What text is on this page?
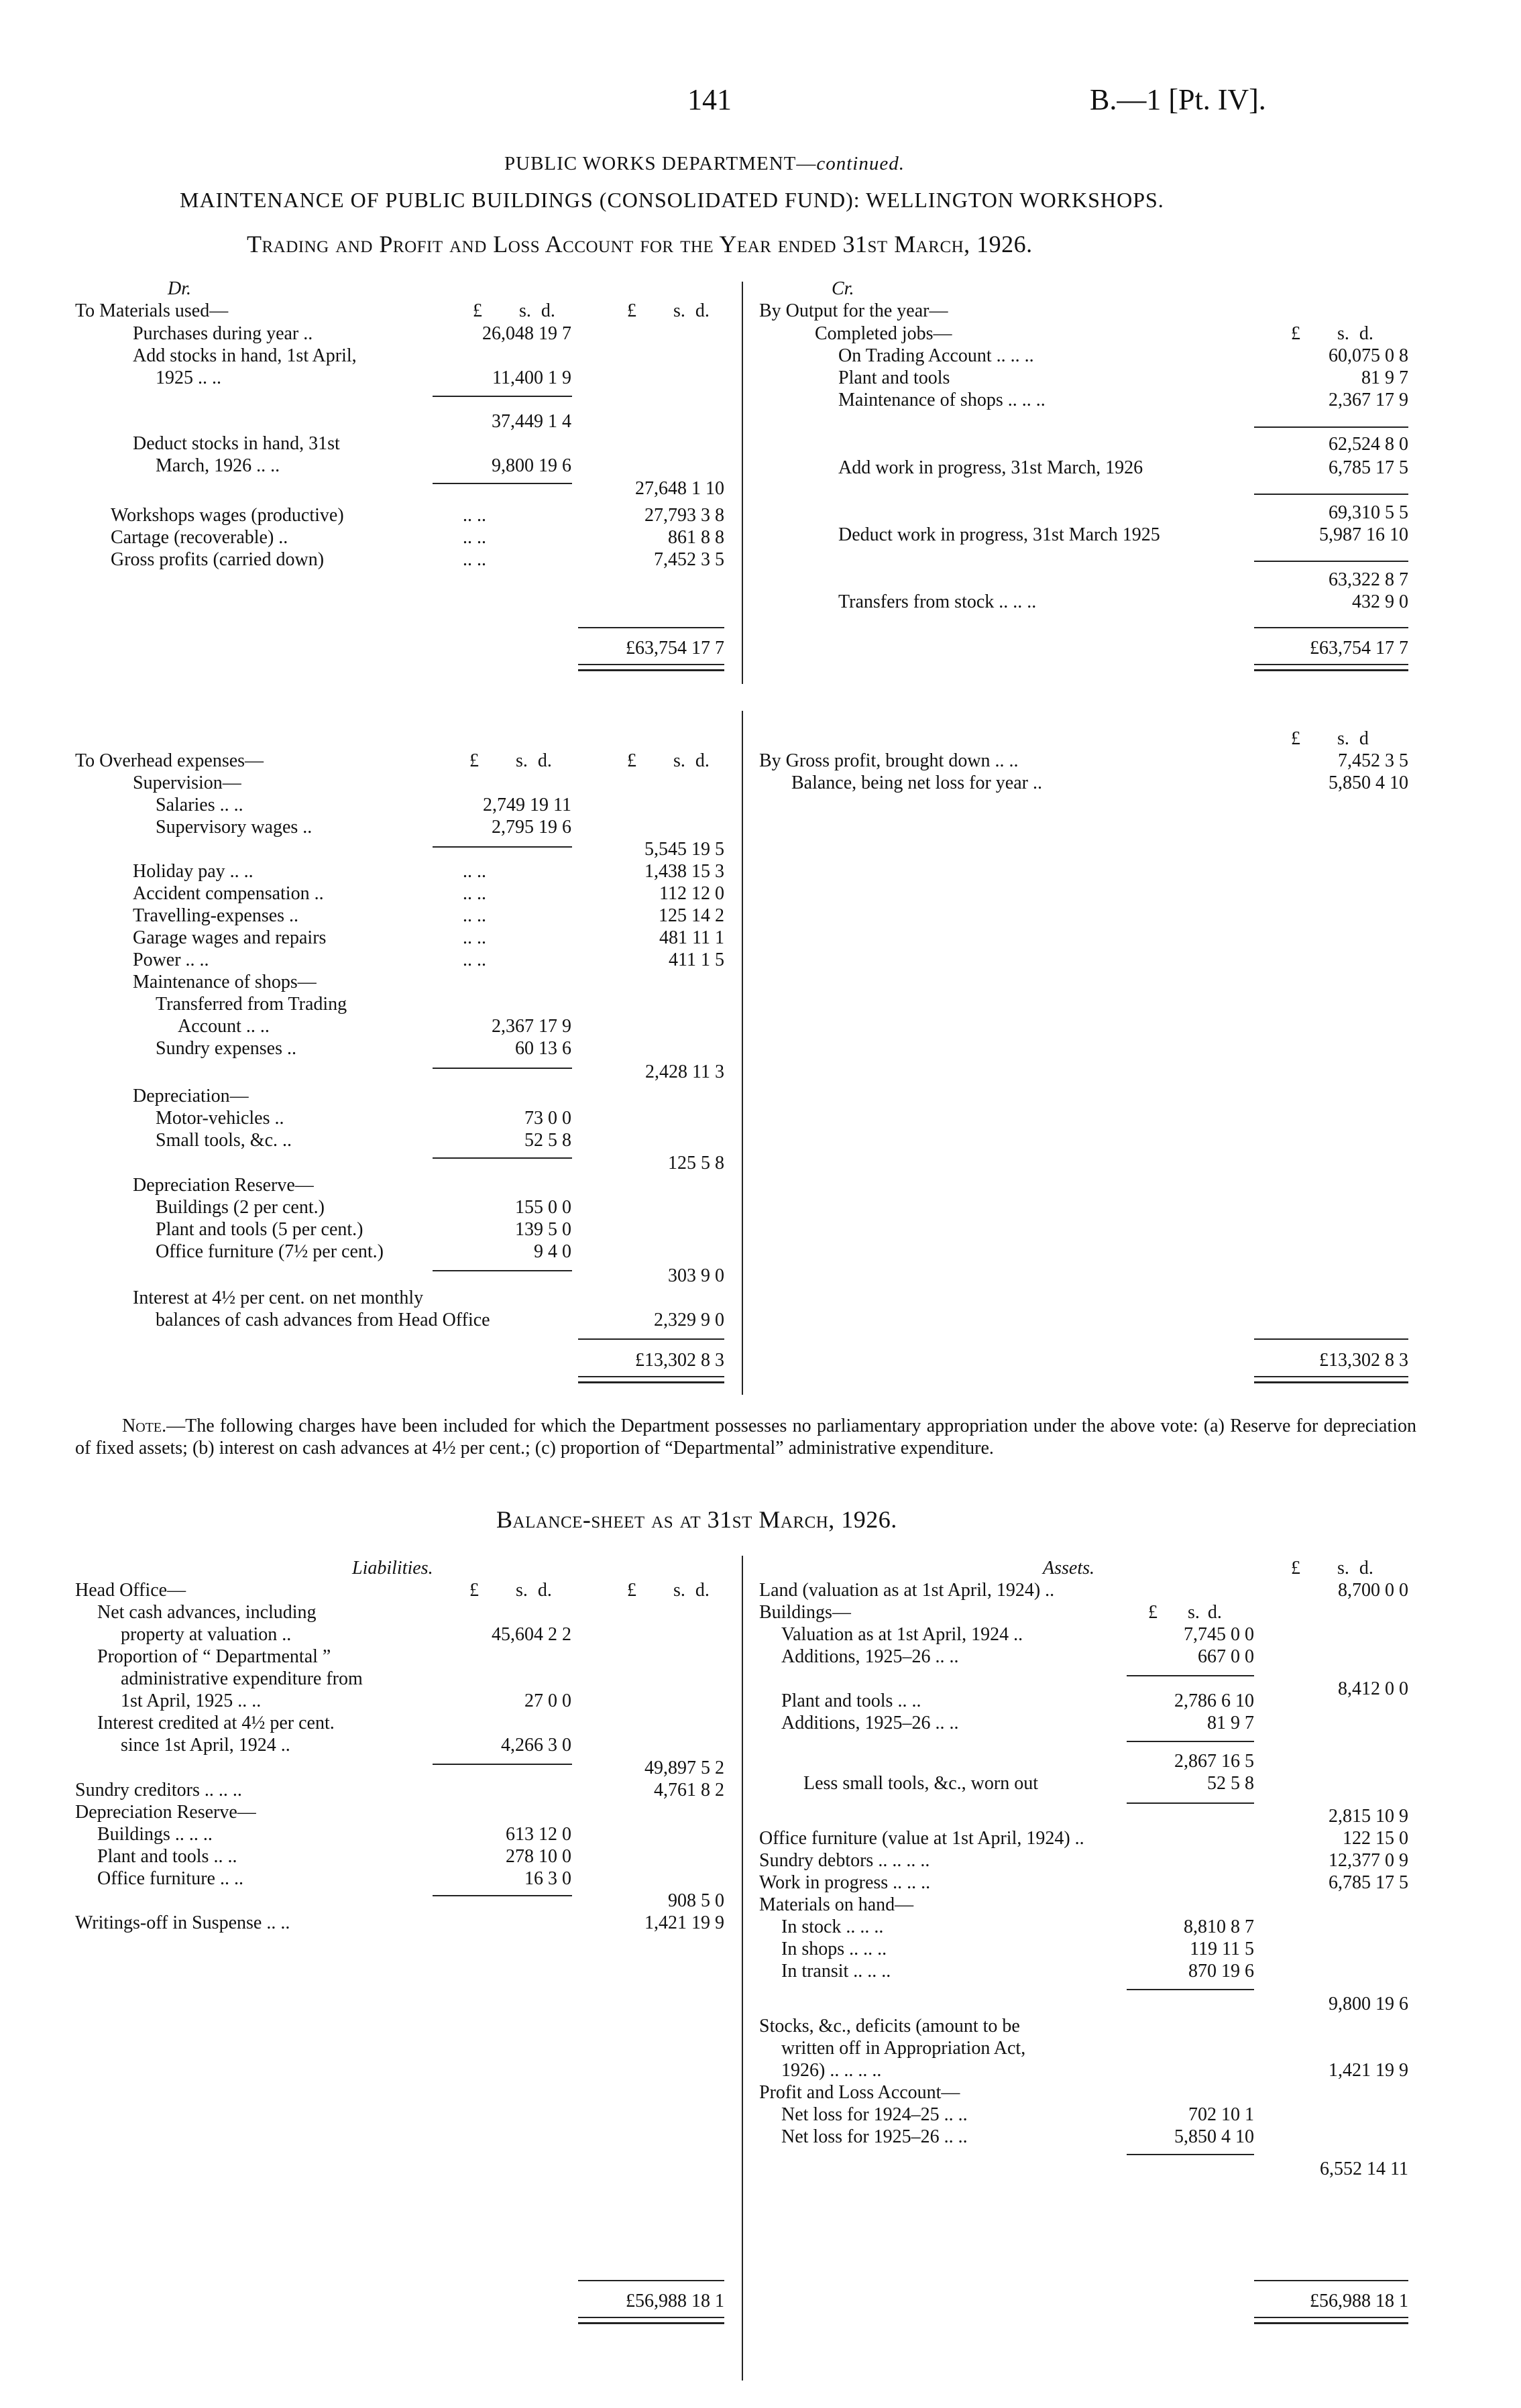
141	B.—1 [Pt. IV].
PUBLIC WORKS DEPARTMENT—continued.
MAINTENANCE OF PUBLIC BUILDINGS (CONSOLIDATED FUND): WELLINGTON WORKSHOPS.
Trading and Profit and Loss Account for the Year ended 31st March, 1926.
Dr.	Cr.
£ s. d.	£ s. d.
To Materials used—
Purchases during year ..	26,048 19 7
Add stocks in hand, 1st April,
1925 .. ..	11,400 1 9
37,449 1 4
Deduct stocks in hand, 31st
March, 1926 .. ..	9,800 19 6
27,648 1 10
Workshops wages (productive)	.. ..	27,793 3 8
Cartage (recoverable) ..	.. ..	861 8 8
Gross profits (carried down)	.. ..	7,452 3 5
£63,754 17 7
By Output for the year—
Completed jobs—	£ s. d.
On Trading Account .. .. ..	60,075 0 8
Plant and tools	81 9 7
Maintenance of shops .. .. ..	2,367 17 9
62,524 8 0
Add work in progress, 31st March, 1926	6,785 17 5
69,310 5 5
Deduct work in progress, 31st March 1925	5,987 16 10
63,322 8 7
Transfers from stock .. .. ..	432 9 0
£63,754 17 7
To Overhead expenses—	£ s. d.	£ s. d.
Supervision—
Salaries .. ..	2,749 19 11
Supervisory wages ..	2,795 19 6
5,545 19 5
Holiday pay .. ..	.. ..	1,438 15 3
Accident compensation ..	.. ..	112 12 0
Travelling-expenses ..	.. ..	125 14 2
Garage wages and repairs	.. ..	481 11 1
Power .. ..	.. ..	411 1 5
Maintenance of shops—
Transferred from Trading
Account .. ..	2,367 17 9
Sundry expenses ..	60 13 6
2,428 11 3
Depreciation—
Motor-vehicles ..	73 0 0
Small tools, &c. ..	52 5 8
125 5 8
Depreciation Reserve—
Buildings (2 per cent.)	155 0 0
Plant and tools (5 per cent.)	139 5 0
Office furniture (7½ per cent.)	9 4 0
303 9 0
Interest at 4½ per cent. on net monthly
balances of cash advances from Head Office	2,329 9 0
£13,302 8 3
£ s. d
By Gross profit, brought down .. ..	7,452 3 5
Balance, being net loss for year ..	5,850 4 10
£13,302 8 3
Note.—The following charges have been included for which the Department possesses no parliamentary appropriation under the above vote: (a) Reserve for depreciation of fixed assets; (b) interest on cash advances at 4½ per cent.; (c) proportion of “Departmental” administrative expenditure.
Balance-sheet as at 31st March, 1926.
Liabilities.	Assets.
£ s. d.	£ s. d.
Head Office—
Net cash advances, including
property at valuation ..	45,604 2 2
Proportion of “ Departmental ”
administrative expenditure from
1st April, 1925 .. ..	27 0 0
Interest credited at 4½ per cent.
since 1st April, 1924 ..	4,266 3 0
49,897 5 2
Sundry creditors .. .. ..	4,761 8 2
Depreciation Reserve—
Buildings .. .. ..	613 12 0
Plant and tools .. ..	278 10 0
Office furniture .. ..	16 3 0
908 5 0
Writings-off in Suspense .. ..	1,421 19 9
£56,988 18 1
£ s. d.
Land (valuation as at 1st April, 1924) ..	8,700 0 0
Buildings—	£ s. d.
Valuation as at 1st April, 1924 ..	7,745 0 0
Additions, 1925–26 .. ..	667 0 0
8,412 0 0
Plant and tools .. ..	2,786 6 10
Additions, 1925–26 .. ..	81 9 7
2,867 16 5
Less small tools, &c., worn out	52 5 8
2,815 10 9
Office furniture (value at 1st April, 1924) ..	122 15 0
Sundry debtors .. .. .. ..	12,377 0 9
Work in progress .. .. ..	6,785 17 5
Materials on hand—
In stock .. .. ..	8,810 8 7
In shops .. .. ..	119 11 5
In transit .. .. ..	870 19 6
9,800 19 6
Stocks, &c., deficits (amount to be
written off in Appropriation Act,
1926) .. .. .. ..	1,421 19 9
Profit and Loss Account—
Net loss for 1924–25 .. ..	702 10 1
Net loss for 1925–26 .. ..	5,850 4 10
6,552 14 11
£56,988 18 1
